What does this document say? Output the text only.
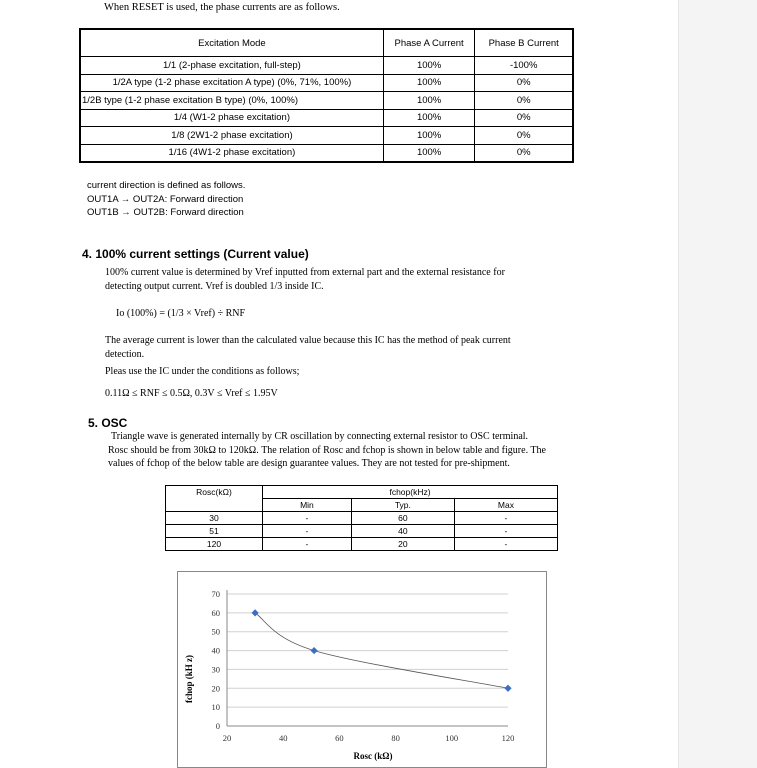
When RESET is used, the phase currents are as follows.
Excitation Mode	Phase A Current	Phase B Current
1/1 (2-phase excitation, full-step)	100%	-100%
1/2A type (1-2 phase excitation A type) (0%, 71%, 100%)	100%	0%
1/2B type (1-2 phase excitation B type) (0%, 100%)	100%	0%
1/4 (W1-2 phase excitation)	100%	0%
1/8 (2W1-2 phase excitation)	100%	0%
1/16 (4W1-2 phase excitation)	100%	0%
current direction is defined as follows.
OUT1A → OUT2A: Forward direction
OUT1B → OUT2B: Forward direction
4. 100% current settings (Current value)
100% current value is determined by Vref inputted from external part and the external resistance for
detecting output current. Vref is doubled 1/3 inside IC.
Io (100%) = (1/3 × Vref) ÷ RNF
The average current is lower than the calculated value because this IC has the method of peak current
detection.
Pleas use the IC under the conditions as follows;
0.11Ω ≤ RNF ≤ 0.5Ω, 0.3V ≤ Vref ≤ 1.95V
5. OSC
Triangle wave is generated internally by CR oscillation by connecting external resistor to OSC terminal.
Rosc should be from 30kΩ to 120kΩ. The relation of Rosc and fchop is shown in below table and figure. The
values of fchop of the below table are design guarantee values. They are not tested for pre-shipment.
Rosc(kΩ)	fchop(kHz)		
	Min	Typ.	Max
30	-	60	-
51	-	40	-
120	-	20	-
0
10
20
30
40
50
60
70
20	40	60	80	100	120
Rosc (kΩ)
fchop (kH z)
